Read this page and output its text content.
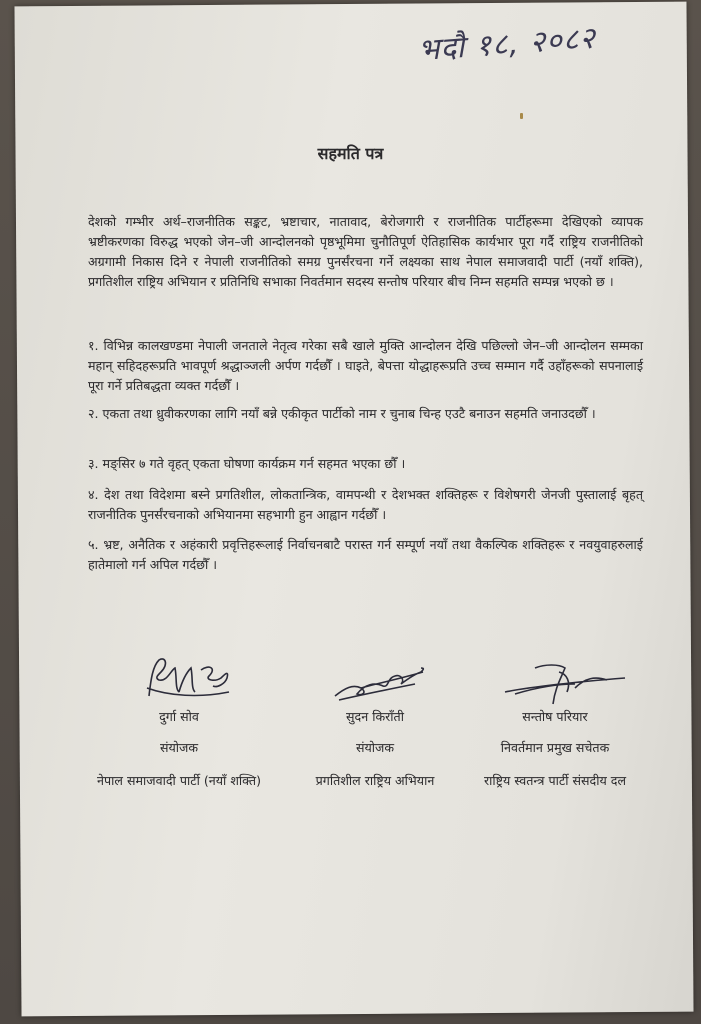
भदौ १८, २०८२
सहमति पत्र
देशको गम्भीर अर्थ–राजनीतिक सङ्कट, भ्रष्टाचार, नातावाद, बेरोजगारी र राजनीतिक पार्टीहरूमा देखिएको व्यापक भ्रष्टीकरणका विरुद्ध भएको जेन–जी आन्दोलनको पृष्ठभूमिमा चुनौतिपूर्ण ऐतिहासिक कार्यभार पूरा गर्दै राष्ट्रिय राजनीतिको अग्रगामी निकास दिने र नेपाली राजनीतिको समग्र पुनर्संरचना गर्ने लक्ष्यका साथ नेपाल समाजवादी पार्टी (नयाँ शक्ति), प्रगतिशील राष्ट्रिय अभियान र प्रतिनिधि सभाका निवर्तमान सदस्य सन्तोष परियार बीच निम्न सहमति सम्पन्न भएको छ ।
१. विभिन्न कालखण्डमा नेपाली जनताले नेतृत्व गरेका सबै खाले मुक्ति आन्दोलन देखि पछिल्लो जेन–जी आन्दोलन सम्मका महान् सहिदहरूप्रति भावपूर्ण श्रद्धाञ्जली अर्पण गर्दछौँ । घाइते, बेपत्ता योद्धाहरूप्रति उच्च सम्मान गर्दै उहाँहरूको सपनालाई पूरा गर्ने प्रतिबद्धता व्यक्त गर्दछौँ ।
२. एकता तथा ध्रुवीकरणका लागि नयाँ बन्ने एकीकृत पार्टीको नाम र चुनाब चिन्ह एउटै बनाउन सहमति जनाउदछौँ ।
३. मङ्सिर ७ गते वृहत् एकता घोषणा कार्यक्रम गर्न सहमत भएका छौँ ।
४. देश तथा विदेशमा बस्ने प्रगतिशील, लोकतान्त्रिक, वामपन्थी र देशभक्त शक्तिहरू र विशेषगरी जेनजी पुस्तालाई बृहत् राजनीतिक पुनर्संरचनाको अभियानमा सहभागी हुन आह्वान गर्दछौँ ।
५. भ्रष्ट, अनैतिक र अहंकारी प्रवृत्तिहरूलाई निर्वाचनबाटै परास्त गर्न सम्पूर्ण नयाँ तथा वैकल्पिक शक्तिहरू र नवयुवाहरुलाई हातेमालो गर्न अपिल गर्दछौँ ।
दुर्गा सोव
संयोजक
नेपाल समाजवादी पार्टी (नयाँ शक्ति)
सुदन किराँती
संयोजक
प्रगतिशील राष्ट्रिय अभियान
सन्तोष परियार
निवर्तमान प्रमुख सचेतक
राष्ट्रिय स्वतन्त्र पार्टी संसदीय दल
